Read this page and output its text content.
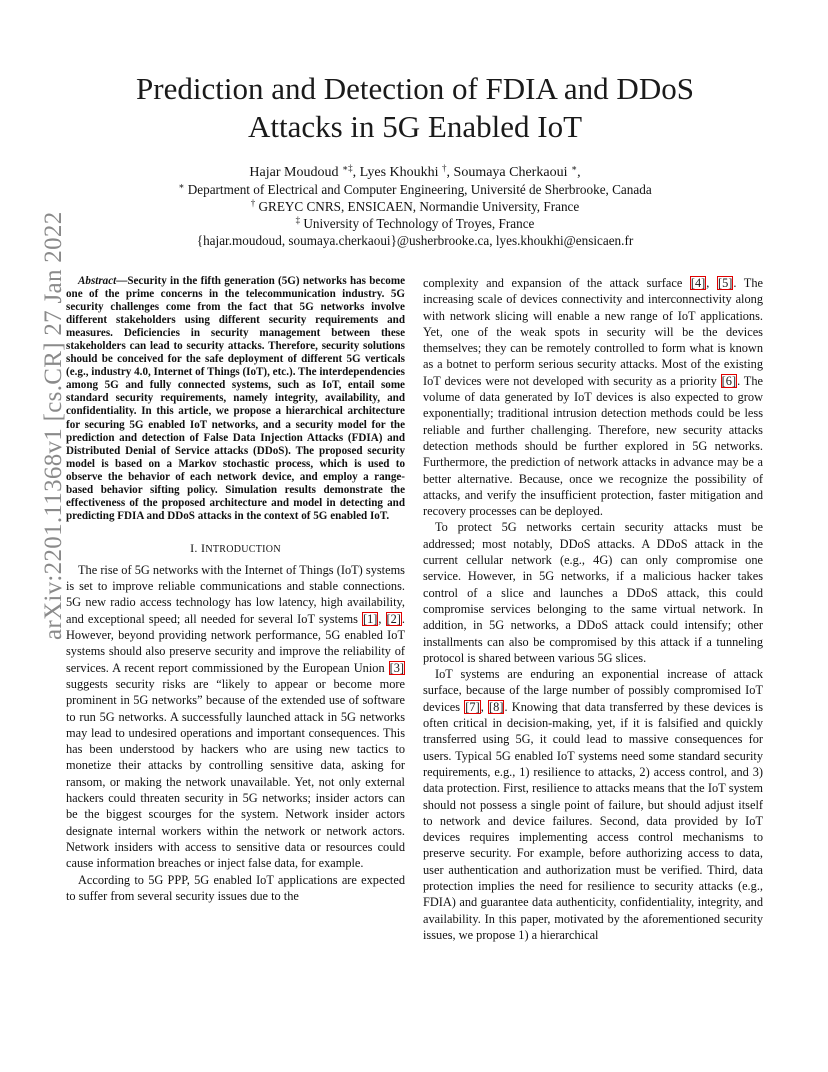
arXiv:2201.11368v1 [cs.CR] 27 Jan 2022
Prediction and Detection of FDIA and DDoS
Attacks in 5G Enabled IoT
Hajar Moudoud ∗‡, Lyes Khoukhi †, Soumaya Cherkaoui ∗,
∗ Department of Electrical and Computer Engineering, Université de Sherbrooke, Canada
† GREYC CNRS, ENSICAEN, Normandie University, France
‡ University of Technology of Troyes, France
{hajar.moudoud, soumaya.cherkaoui}@usherbrooke.ca, lyes.khoukhi@ensicaen.fr

Abstract—Security in the fifth generation (5G) networks has become one of the prime concerns in the telecommunication industry. 5G security challenges come from the fact that 5G networks involve different stakeholders using different security requirements and measures. Deficiencies in security management between these stakeholders can lead to security attacks. Therefore, security solutions should be conceived for the safe deployment of different 5G verticals (e.g., industry 4.0, Internet of Things (IoT), etc.). The interdependencies among 5G and fully connected systems, such as IoT, entail some standard security requirements, namely integrity, availability, and confidentiality. In this article, we propose a hierarchical architecture for securing 5G enabled IoT networks, and a security model for the prediction and detection of False Data Injection Attacks (FDIA) and Distributed Denial of Service attacks (DDoS). The proposed security model is based on a Markov stochastic process, which is used to observe the behavior of each network device, and employ a range-based behavior sifting policy. Simulation results demonstrate the effectiveness of the proposed architecture and model in detecting and predicting FDIA and DDoS attacks in the context of 5G enabled IoT.

I. INTRODUCTION

The rise of 5G networks with the Internet of Things (IoT) systems is set to improve reliable communications and stable connections. 5G new radio access technology has low latency, high availability, and exceptional speed; all needed for several IoT systems [1], [2]. However, beyond providing network performance, 5G enabled IoT systems should also preserve security and improve the reliability of services. A recent report commissioned by the European Union [3] suggests security risks are “likely to appear or become more prominent in 5G networks” because of the extended use of software to run 5G networks. A successfully launched attack in 5G networks may lead to undesired operations and important consequences. This has been understood by hackers who are using new tactics to monetize their attacks by controlling sensitive data, asking for ransom, or making the network unavailable. Yet, not only external hackers could threaten security in 5G networks; insider actors can be the biggest scourges for the system. Network insider actors designate internal workers within the network or network actors. Network insiders with access to sensitive data or resources could cause information breaches or inject false data, for example.

According to 5G PPP, 5G enabled IoT applications are expected to suffer from several security issues due to the

complexity and expansion of the attack surface [4], [5]. The increasing scale of devices connectivity and interconnectivity along with network slicing will enable a new range of IoT applications. Yet, one of the weak spots in security will be the devices themselves; they can be remotely controlled to form what is known as a botnet to perform serious security attacks. Most of the existing IoT devices were not developed with security as a priority [6]. The volume of data generated by IoT devices is also expected to grow exponentially; traditional intrusion detection methods could be less reliable and further challenging. Therefore, new security attacks detection methods should be further explored in 5G networks. Furthermore, the prediction of network attacks in advance may be a better alternative. Because, once we recognize the possibility of attacks, and verify the insufficient protection, faster mitigation and recovery processes can be deployed.

To protect 5G networks certain security attacks must be addressed; most notably, DDoS attacks. A DDoS attack in the current cellular network (e.g., 4G) can only compromise one service. However, in 5G networks, if a malicious hacker takes control of a slice and launches a DDoS attack, this could compromise services belonging to the same virtual network. In addition, in 5G networks, a DDoS attack could intensify; other installments can also be compromised by this attack if a tunneling protocol is shared between various 5G slices.

IoT systems are enduring an exponential increase of attack surface, because of the large number of possibly compromised IoT devices [7], [8]. Knowing that data transferred by these devices is often critical in decision-making, yet, if it is falsified and quickly transferred using 5G, it could lead to massive consequences for users. Typical 5G enabled IoT systems need some standard security requirements, e.g., 1) resilience to attacks, 2) access control, and 3) data protection. First, resilience to attacks means that the IoT system should not possess a single point of failure, but should adjust itself to network and device failures. Second, data provided by IoT devices requires implementing access control mechanisms to preserve security. For example, before authorizing access to data, user authentication and authorization must be verified. Third, data protection implies the need for resilience to security attacks (e.g., FDIA) and guarantee data authenticity, confidentiality, integrity, and availability. In this paper, motivated by the aforementioned security issues, we propose 1) a hierarchical
